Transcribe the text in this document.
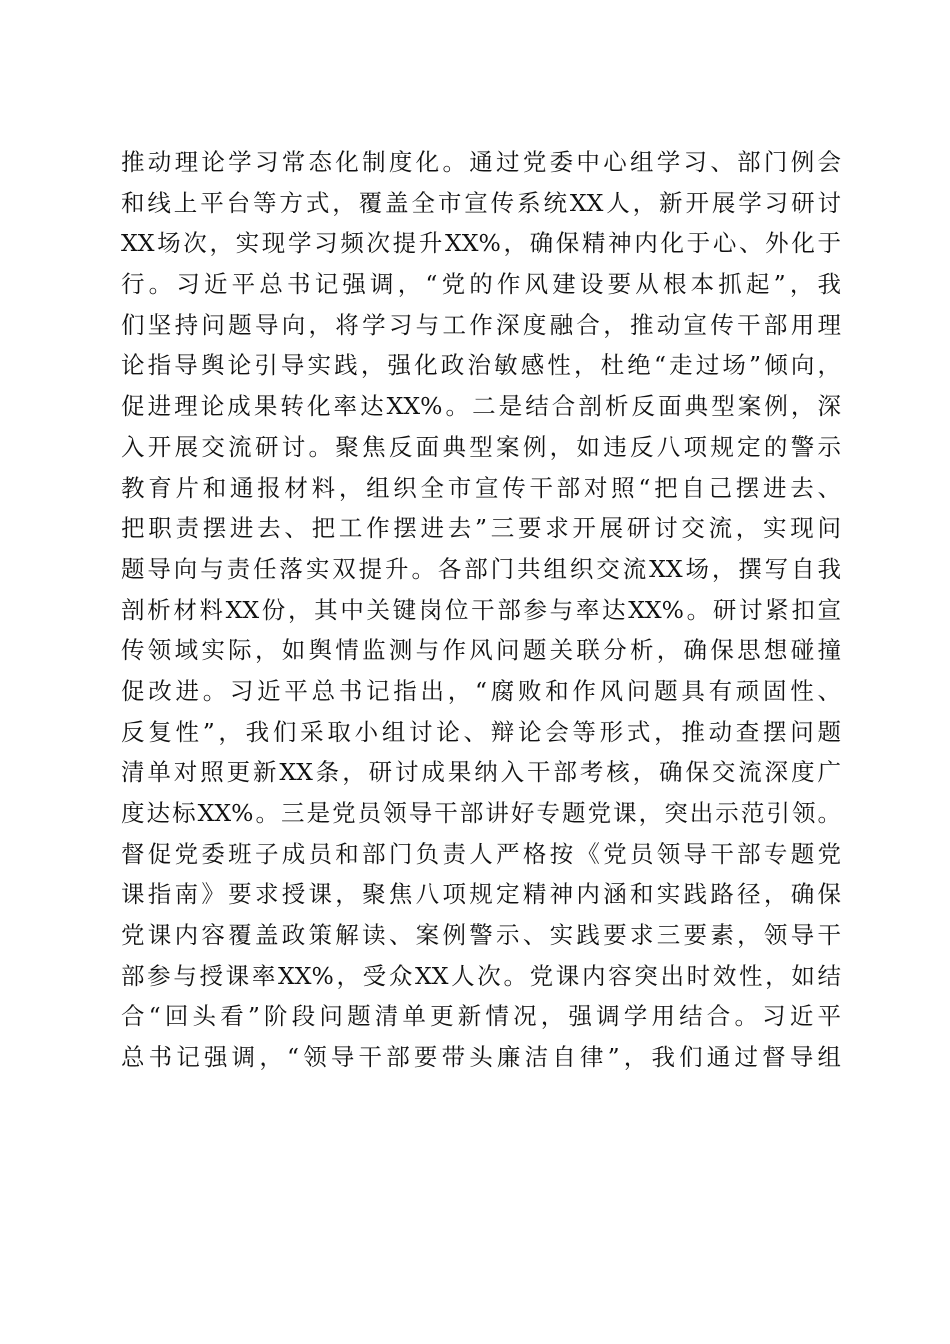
推动理论学习常态化制度化。通过党委中心组学习、部门例会
和线上平台等方式，覆盖全市宣传系统XX人，新开展学习研讨
XX场次，实现学习频次提升XX%，确保精神内化于心、外化于
行。习近平总书记强调，“党的作风建设要从根本抓起”，我
们坚持问题导向，将学习与工作深度融合，推动宣传干部用理
论指导舆论引导实践，强化政治敏感性，杜绝“走过场”倾向，
促进理论成果转化率达XX%。二是结合剖析反面典型案例，深
入开展交流研讨。聚焦反面典型案例，如违反八项规定的警示
教育片和通报材料，组织全市宣传干部对照“把自己摆进去、
把职责摆进去、把工作摆进去”三要求开展研讨交流，实现问
题导向与责任落实双提升。各部门共组织交流XX场，撰写自我
剖析材料XX份，其中关键岗位干部参与率达XX%。研讨紧扣宣
传领域实际，如舆情监测与作风问题关联分析，确保思想碰撞
促改进。习近平总书记指出，“腐败和作风问题具有顽固性、
反复性”，我们采取小组讨论、辩论会等形式，推动查摆问题
清单对照更新XX条，研讨成果纳入干部考核，确保交流深度广
度达标XX%。三是党员领导干部讲好专题党课，突出示范引领。
督促党委班子成员和部门负责人严格按《党员领导干部专题党
课指南》要求授课，聚焦八项规定精神内涵和实践路径，确保
党课内容覆盖政策解读、案例警示、实践要求三要素，领导干
部参与授课率XX%，受众XX人次。党课内容突出时效性，如结
合“回头看”阶段问题清单更新情况，强调学用结合。习近平
总书记强调，“领导干部要带头廉洁自律”，我们通过督导组
